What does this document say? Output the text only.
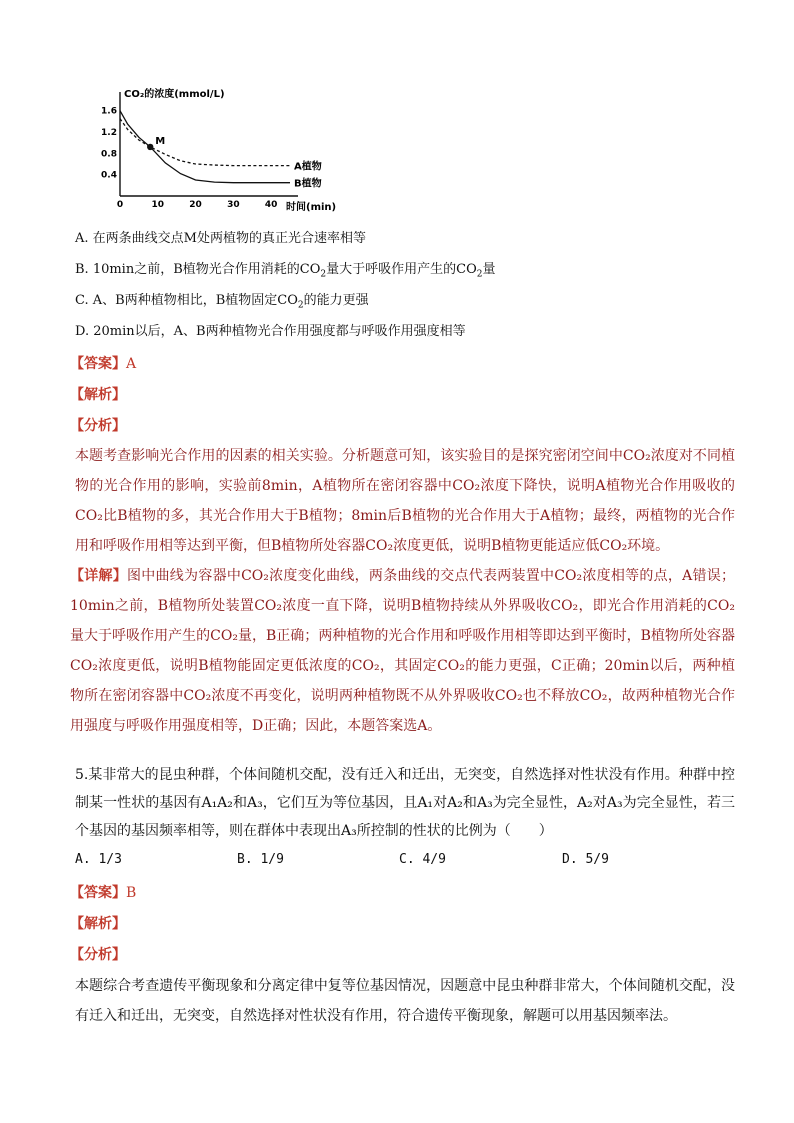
1.6
1.2
0.8
0.4
0	10	20	30	40
A植物
B植物
M
CO₂的浓度(mmol/L)
时间(min)
A. 在两条曲线交点M处两植物的真正光合速率相等
B. 10min之前，B植物光合作用消耗的$CO_2$量大于呼吸作用产生的$CO_2$量
C. A、B两种植物相比，B植物固定$CO_2$的能力更强
D. 20min以后，A、B两种植物光合作用强度都与呼吸作用强度相等
【答案】A
【解析】
【分析】
本题考查影响光合作用的因素的相关实验。分析题意可知，该实验目的是探究密闭空间中CO₂浓度对不同植物的光合作用的影响，实验前8min，A植物所在密闭容器中CO₂浓度下降快，说明A植物光合作用吸收的CO₂比B植物的多，其光合作用大于B植物；8min后B植物的光合作用大于A植物；最终，两植物的光合作用和呼吸作用相等达到平衡，但B植物所处容器CO₂浓度更低，说明B植物更能适应低CO₂环境。
【详解】图中曲线为容器中CO₂浓度变化曲线，两条曲线的交点代表两装置中CO₂浓度相等的点，A错误；10min之前，B植物所处装置CO₂浓度一直下降，说明B植物持续从外界吸收CO₂，即光合作用消耗的CO₂量大于呼吸作用产生的CO₂量，B正确；两种植物的光合作用和呼吸作用相等即达到平衡时，B植物所处容器CO₂浓度更低，说明B植物能固定更低浓度的CO₂，其固定CO₂的能力更强，C正确；20min以后，两种植物所在密闭容器中CO₂浓度不再变化，说明两种植物既不从外界吸收CO₂也不释放CO₂，故两种植物光合作用强度与呼吸作用强度相等，D正确；因此，本题答案选A。
5.某非常大的昆虫种群，个体间随机交配，没有迁入和迁出，无突变，自然选择对性状没有作用。种群中控制某一性状的基因有A₁A₂和A₃，它们互为等位基因，且A₁对A₂和A₃为完全显性，A₂对A₃为完全显性，若三个基因的基因频率相等，则在群体中表现出A₃所控制的性状的比例为（　　）
A. 1/3	B. 1/9	C. 4/9	D. 5/9
【答案】B
【解析】
【分析】
本题综合考查遗传平衡现象和分离定律中复等位基因情况，因题意中昆虫种群非常大，个体间随机交配，没有迁入和迁出，无突变，自然选择对性状没有作用，符合遗传平衡现象，解题可以用基因频率法。
